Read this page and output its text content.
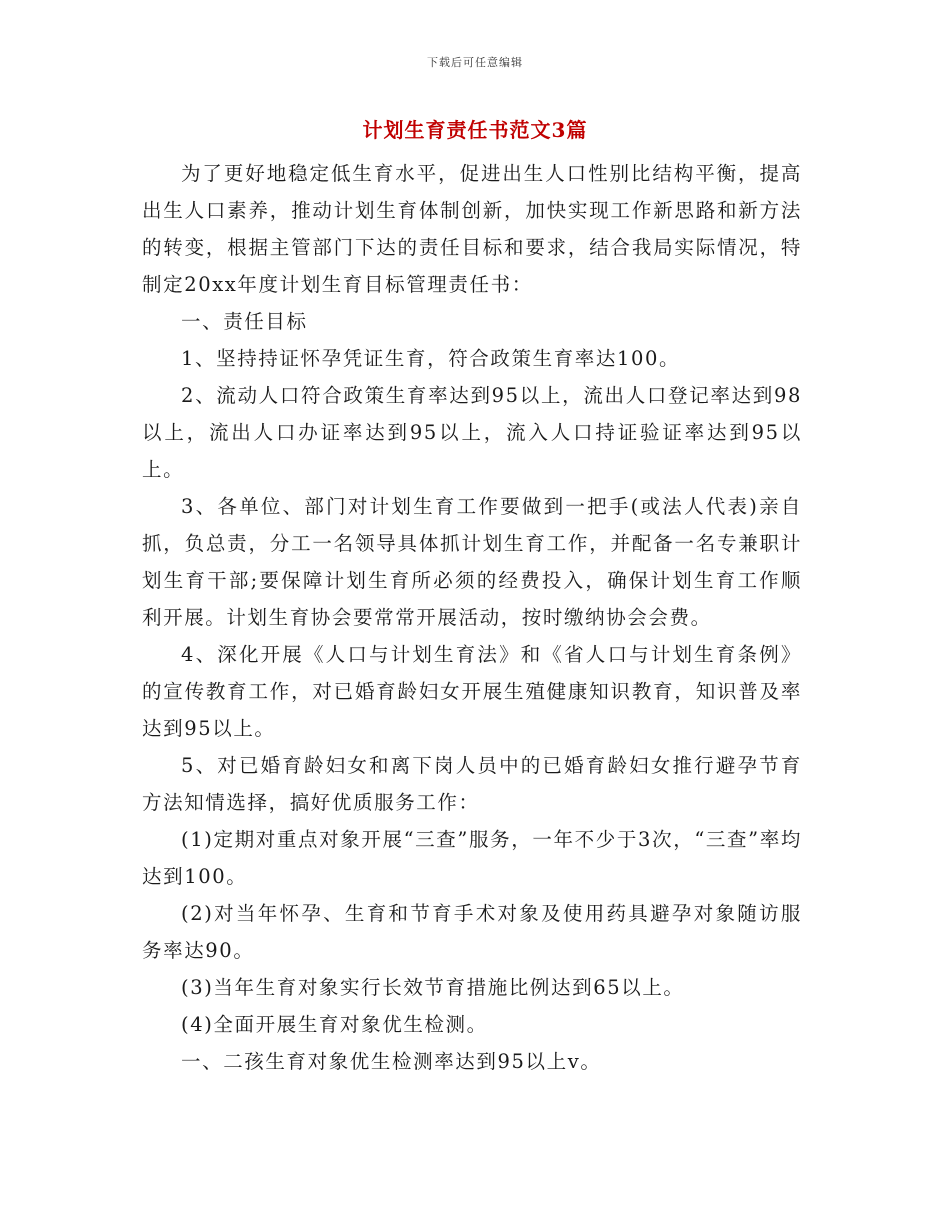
下载后可任意编辑
计划生育责任书范文3篇

为了更好地稳定低生育水平，促进出生人口性别比结构平衡，提高出生人口素养，推动计划生育体制创新，加快实现工作新思路和新方法的转变，根据主管部门下达的责任目标和要求，结合我局实际情况，特制定20xx年度计划生育目标管理责任书：

一、责任目标

1、坚持持证怀孕凭证生育，符合政策生育率达100。

2、流动人口符合政策生育率达到95以上，流出人口登记率达到98以上，流出人口办证率达到95以上，流入人口持证验证率达到95以上。

3、各单位、部门对计划生育工作要做到一把手(或法人代表)亲自抓，负总责，分工一名领导具体抓计划生育工作，并配备一名专兼职计划生育干部;要保障计划生育所必须的经费投入，确保计划生育工作顺利开展。计划生育协会要常常开展活动，按时缴纳协会会费。

4、深化开展《人口与计划生育法》和《省人口与计划生育条例》的宣传教育工作，对已婚育龄妇女开展生殖健康知识教育，知识普及率达到95以上。

5、对已婚育龄妇女和离下岗人员中的已婚育龄妇女推行避孕节育方法知情选择，搞好优质服务工作：

(1)定期对重点对象开展“三查”服务，一年不少于3次，“三查”率均达到100。

(2)对当年怀孕、生育和节育手术对象及使用药具避孕对象随访服务率达90。

(3)当年生育对象实行长效节育措施比例达到65以上。

(4)全面开展生育对象优生检测。

一、二孩生育对象优生检测率达到95以上v。
